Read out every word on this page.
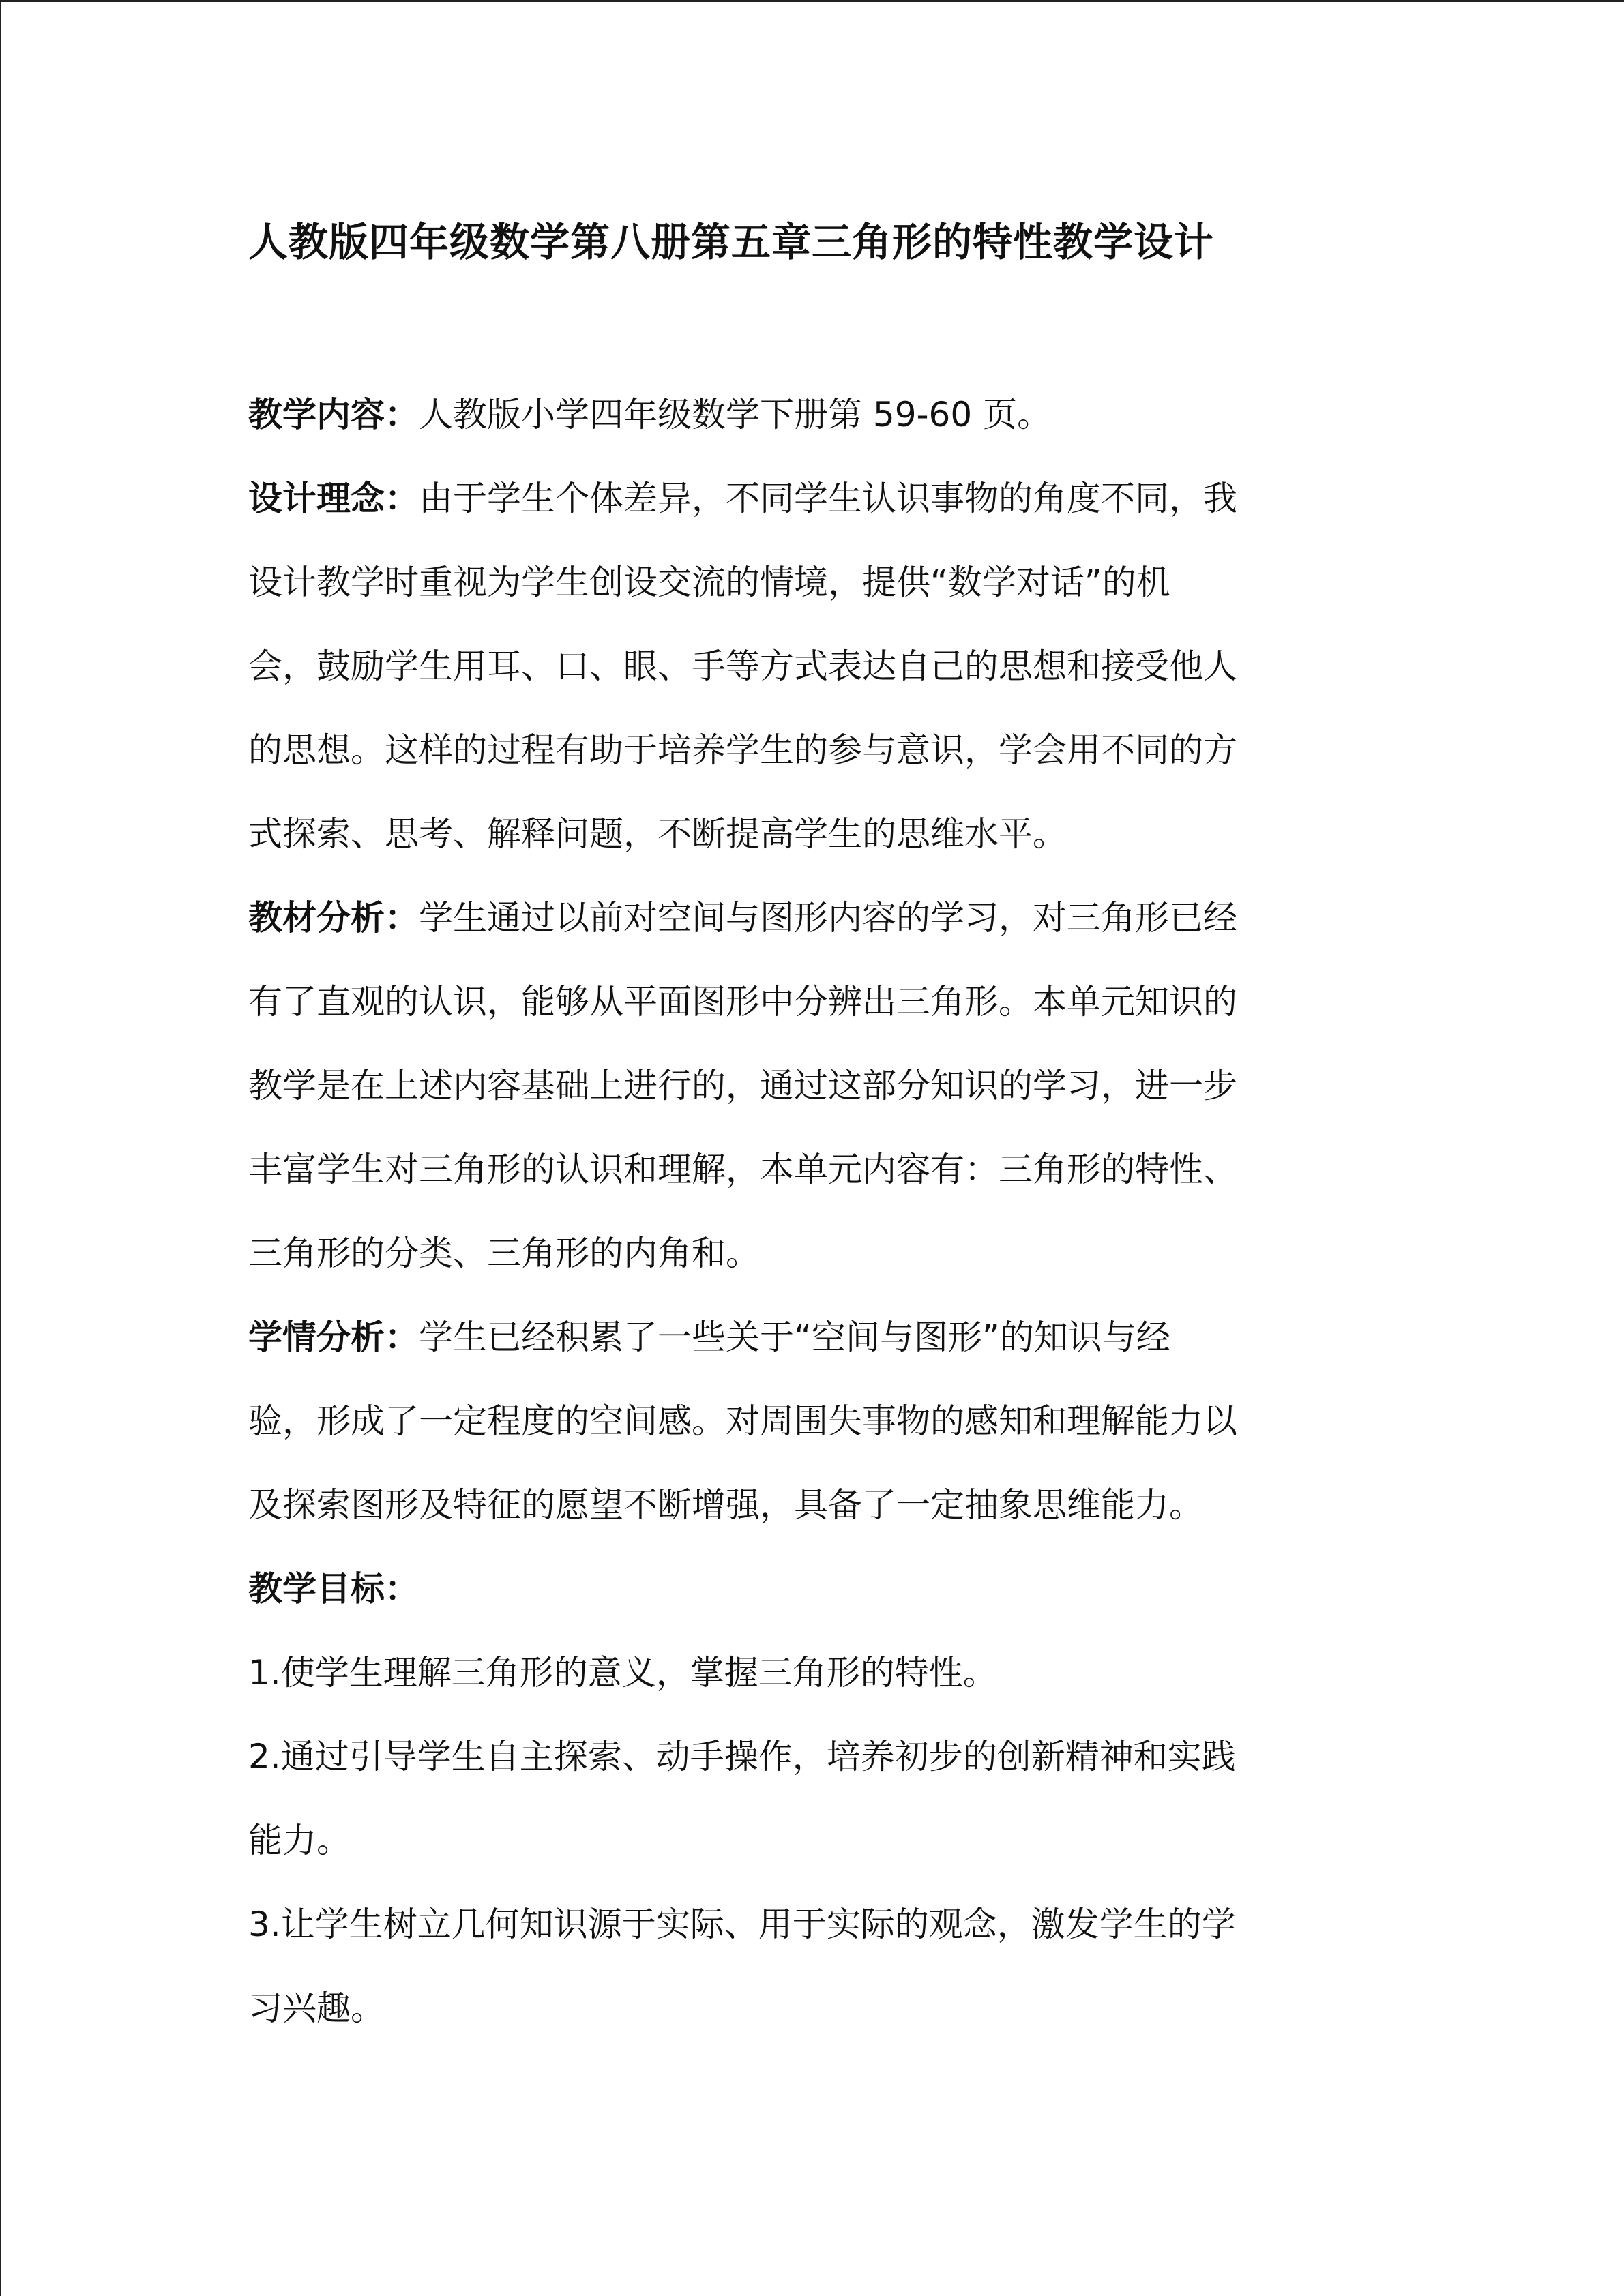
人教版四年级数学第八册第五章三角形的特性教学设计

教学内容：人教版小学四年级数学下册第 59-60 页。

设计理念：由于学生个体差异，不同学生认识事物的角度不同，我
设计教学时重视为学生创设交流的情境，提供“数学对话”的机
会，鼓励学生用耳、口、眼、手等方式表达自己的思想和接受他人
的思想。这样的过程有助于培养学生的参与意识，学会用不同的方
式探索、思考、解释问题，不断提高学生的思维水平。

教材分析：学生通过以前对空间与图形内容的学习，对三角形已经
有了直观的认识，能够从平面图形中分辨出三角形。本单元知识的
教学是在上述内容基础上进行的，通过这部分知识的学习，进一步
丰富学生对三角形的认识和理解，本单元内容有：三角形的特性、
三角形的分类、三角形的内角和。

学情分析：学生已经积累了一些关于“空间与图形”的知识与经
验，形成了一定程度的空间感。对周围失事物的感知和理解能力以
及探索图形及特征的愿望不断增强，具备了一定抽象思维能力。

教学目标：

1.使学生理解三角形的意义，掌握三角形的特性。

2.通过引导学生自主探索、动手操作，培养初步的创新精神和实践
能力。

3.让学生树立几何知识源于实际、用于实际的观念，激发学生的学
习兴趣。
